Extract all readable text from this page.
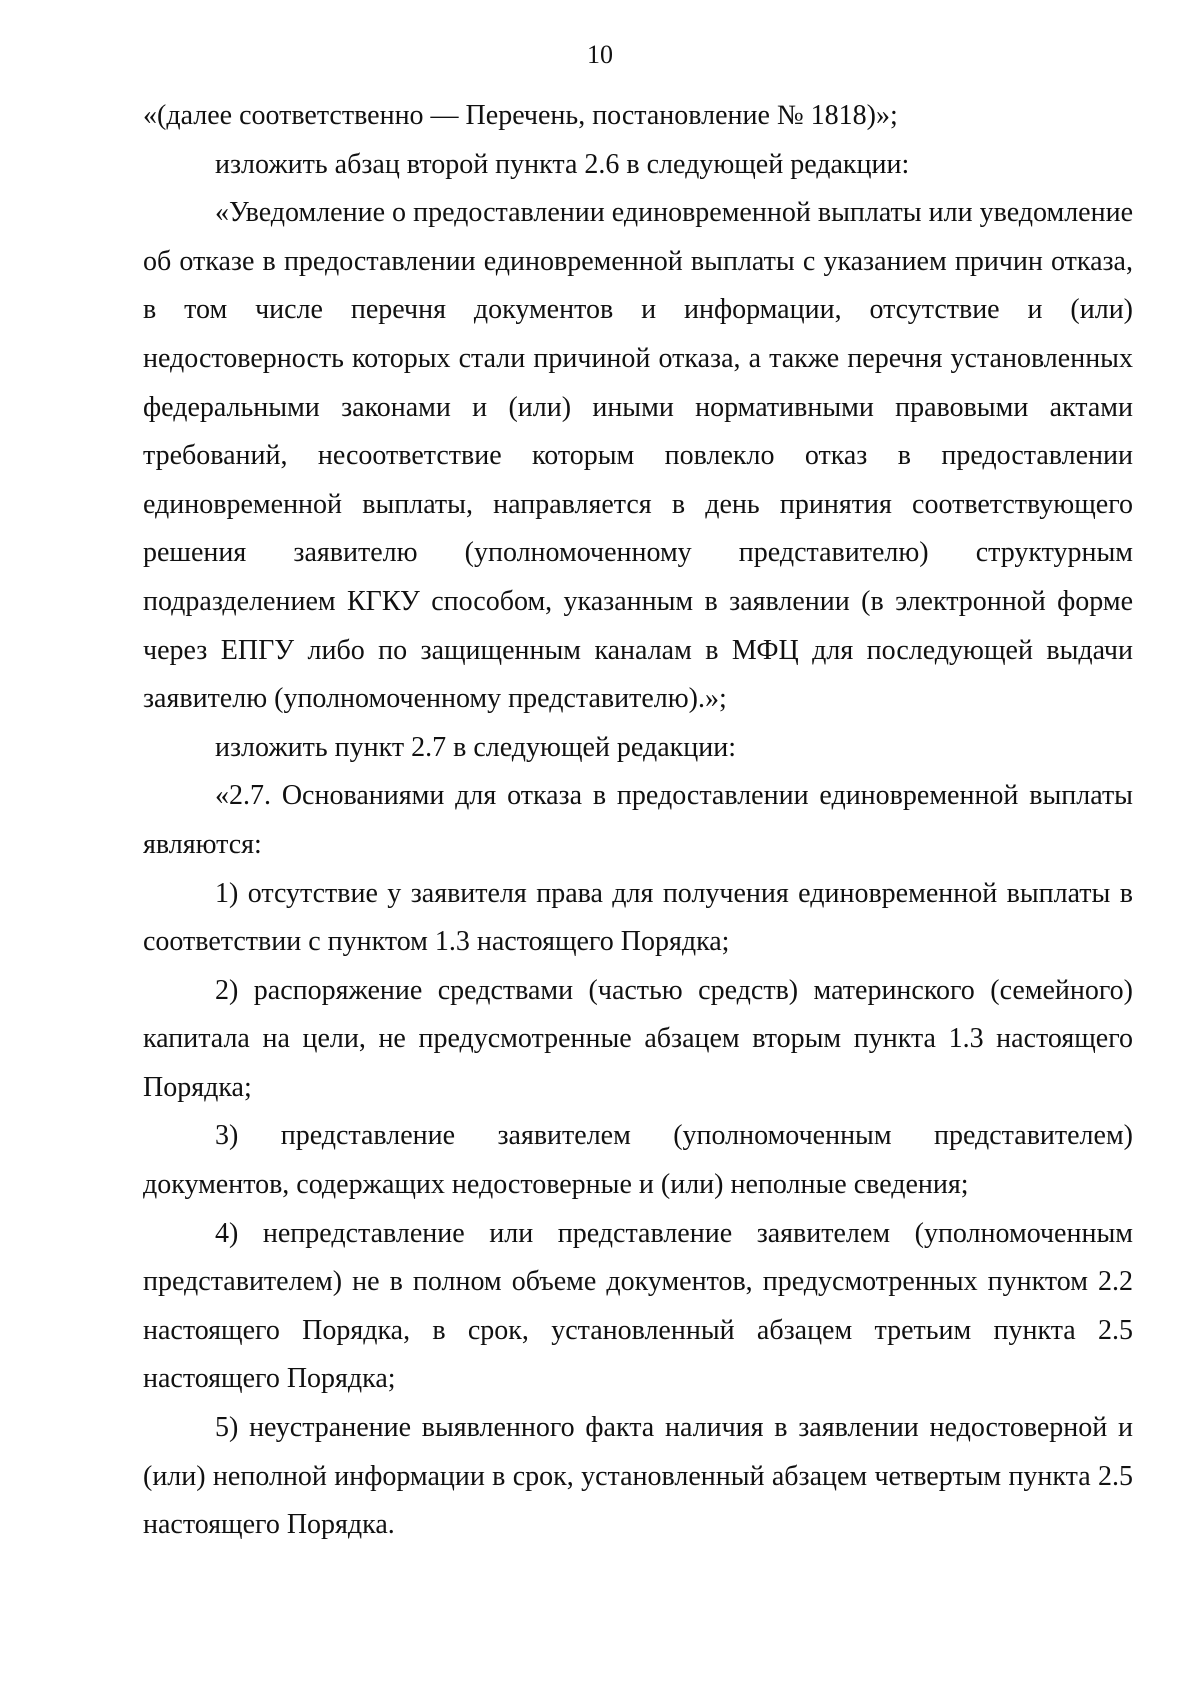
10

«(далее соответственно — Перечень, постановление № 1818)»;

изложить абзац второй пункта 2.6 в следующей редакции:

«Уведомление о предоставлении единовременной выплаты или уведомление об отказе в предоставлении единовременной выплаты с указанием причин отказа, в том числе перечня документов и информации, отсутствие и (или) недостоверность которых стали причиной отказа, а также перечня установленных федеральными законами и (или) иными нормативными правовыми актами требований, несоответствие которым повлекло отказ в предоставлении единовременной выплаты, направляется в день принятия соответствующего решения заявителю (уполномоченному представителю) структурным подразделением КГКУ способом, указанным в заявлении (в электронной форме через ЕПГУ либо по защищенным каналам в МФЦ для последующей выдачи заявителю (уполномоченному представителю).»;

изложить пункт 2.7 в следующей редакции:

«2.7. Основаниями для отказа в предоставлении единовременной выплаты являются:

1) отсутствие у заявителя права для получения единовременной выплаты в соответствии с пунктом 1.3 настоящего Порядка;

2) распоряжение средствами (частью средств) материнского (семейного) капитала на цели, не предусмотренные абзацем вторым пункта 1.3 настоящего Порядка;

3) представление заявителем (уполномоченным представителем) документов, содержащих недостоверные и (или) неполные сведения;

4) непредставление или представление заявителем (уполномоченным представителем) не в полном объеме документов, предусмотренных пунктом 2.2 настоящего Порядка, в срок, установленный абзацем третьим пункта 2.5 настоящего Порядка;

5) неустранение выявленного факта наличия в заявлении недостоверной и (или) неполной информации в срок, установленный абзацем четвертым пункта 2.5 настоящего Порядка.
